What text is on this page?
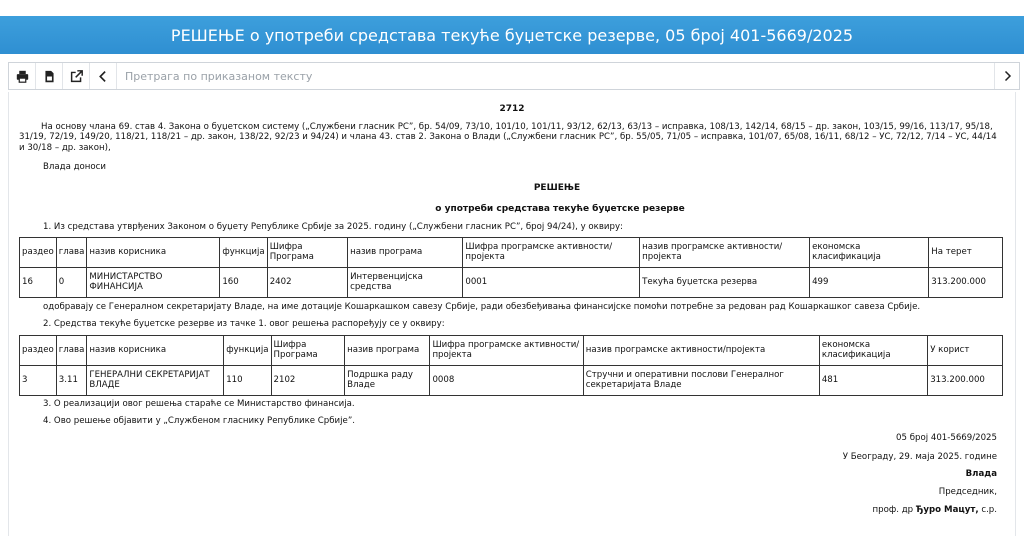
РЕШЕЊЕ о употреби средстава текуће буџетске резерве, 05 број 401-5669/2025
Претрага по приказаном тексту
2712
На основу члана 69. став 4. Закона о буџетском систему („Службени гласник РС”, бр. 54/09, 73/10, 101/10, 101/11, 93/12, 62/13, 63/13 – исправка, 108/13, 142/14, 68/15 – др. закон, 103/15, 99/16, 113/17, 95/18, 31/19, 72/19, 149/20, 118/21, 118/21 – др. закон, 138/22, 92/23 и 94/24) и члана 43. став 2. Закона о Влади („Службени гласник РС”, бр. 55/05, 71/05 – исправка, 101/07, 65/08, 16/11, 68/12 – УС, 72/12, 7/14 – УС, 44/14 и 30/18 – др. закон),
Влада доноси
РЕШЕЊЕ
о употреби средстава текуће буџетске резерве
1. Из средстава утврђених Законом о буџету Републике Србије за 2025. годину („Службени гласник РС”, број 94/24), у оквиру:
раздео	глава	назив корисника	функција	Шифра Програма	назив програма	Шифра програмске активности/ пројекта	назив програмске активности/ пројекта	економска класификација	На терет
16	0	МИНИСТАРСТВО ФИНАНСИЈА	160	2402	Интервенцијска средства	0001	Текућа буџетска резерва	499	313.200.000
одобравају се Генералном секретаријату Владе, на име дотације Кошаркашком савезу Србије, ради обезбеђивања финансијске помоћи потребне за редован рад Кошаркашког савеза Србије.
2. Средства текуће буџетске резерве из тачке 1. овог решења распоређују се у оквиру:
раздео	глава	назив корисника	функција	Шифра Програма	назив програма	Шифра програмске активности/ пројекта	назив програмске активности/пројекта	економска класификација	У корист
3	3.11	ГЕНЕРАЛНИ СЕКРЕТАРИЈАТ ВЛАДЕ	110	2102	Подршка раду Владе	0008	Стручни и оперативни послови Генералног секретаријата Владе	481	313.200.000
3. О реализацији овог решења стараће се Министарство финансија.
4. Ово решење објавити у „Службеном гласнику Републике Србије”.
05 број 401-5669/2025
У Београду, 29. маја 2025. године
Влада
Председник,
проф. др Ђуро Мацут, с.р.
